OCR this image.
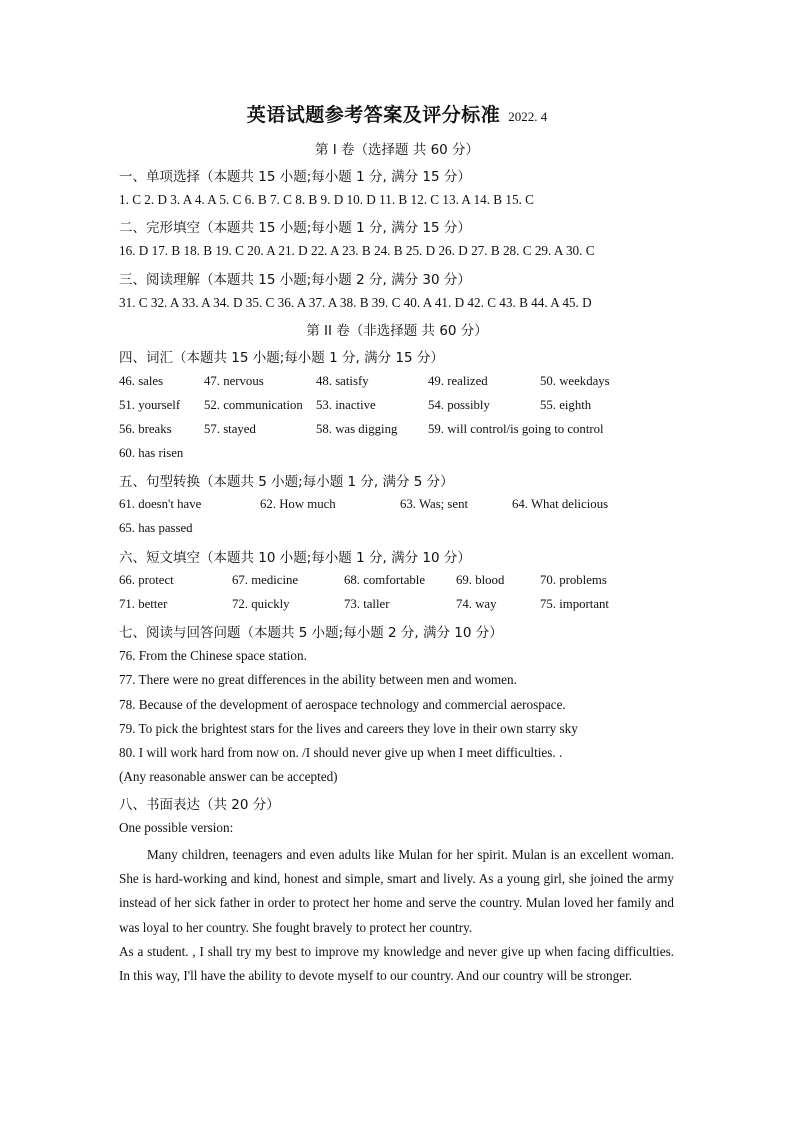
英语试题参考答案及评分标准 2022. 4
第 I 卷（选择题 共 60 分）
一、单项选择（本题共 15 小题;每小题 1 分, 满分 15 分）
1. C 2. D 3. A 4. A 5. C 6. B 7. C 8. B 9. D 10. D 11. B 12. C 13. A 14. B 15. C
二、完形填空（本题共 15 小题;每小题 1 分, 满分 15 分）
16. D 17. B 18. B 19. C 20. A 21. D 22. A 23. B 24. B 25. D 26. D 27. B 28. C 29. A 30. C
三、阅读理解（本题共 15 小题;每小题 2 分, 满分 30 分）
31. C 32. A 33. A 34. D 35. C 36. A 37. A 38. B 39. C 40. A 41. D 42. C 43. B 44. A 45. D
第 II 卷（非选择题 共 60 分）
四、词汇（本题共 15 小题;每小题 1 分, 满分 15 分）
46. sales	47. nervous	48. satisfy	49. realized	50. weekdays
51. yourself 52. communication 53. inactive	54. possibly	55. eighth
56. breaks	57. stayed	58. was digging 59. will control/is going to control
60. has risen
五、句型转换（本题共 5 小题;每小题 1 分, 满分 5 分）
61. doesn't have	62. How much	63. Was; sent	64. What delicious
65. has passed
六、短文填空（本题共 10 小题;每小题 1 分, 满分 10 分）
66. protect	67. medicine	68. comfortable 69. blood	70. problems
71. better	72. quickly	73. taller	74. way	75. important
七、阅读与回答问题（本题共 5 小题;每小题 2 分, 满分 10 分）
76. From the Chinese space station.
77. There were no great differences in the ability between men and women.
78. Because of the development of aerospace technology and commercial aerospace.
79. To pick the brightest stars for the lives and careers they love in their own starry sky
80. I will work hard from now on. /I should never give up when I meet difficulties. .
(Any reasonable answer can be accepted)
八、书面表达（共 20 分）
One possible version:

Many children, teenagers and even adults like Mulan for her spirit. Mulan is an excellent woman. She is hard-working and kind, honest and simple, smart and lively. As a young girl, she joined the army instead of her sick father in order to protect her home and serve the country. Mulan loved her family and was loyal to her country. She fought bravely to protect her country.

As a student. , I shall try my best to improve my knowledge and never give up when facing difficulties. In this way, I'll have the ability to devote myself to our country. And our country will be stronger.
